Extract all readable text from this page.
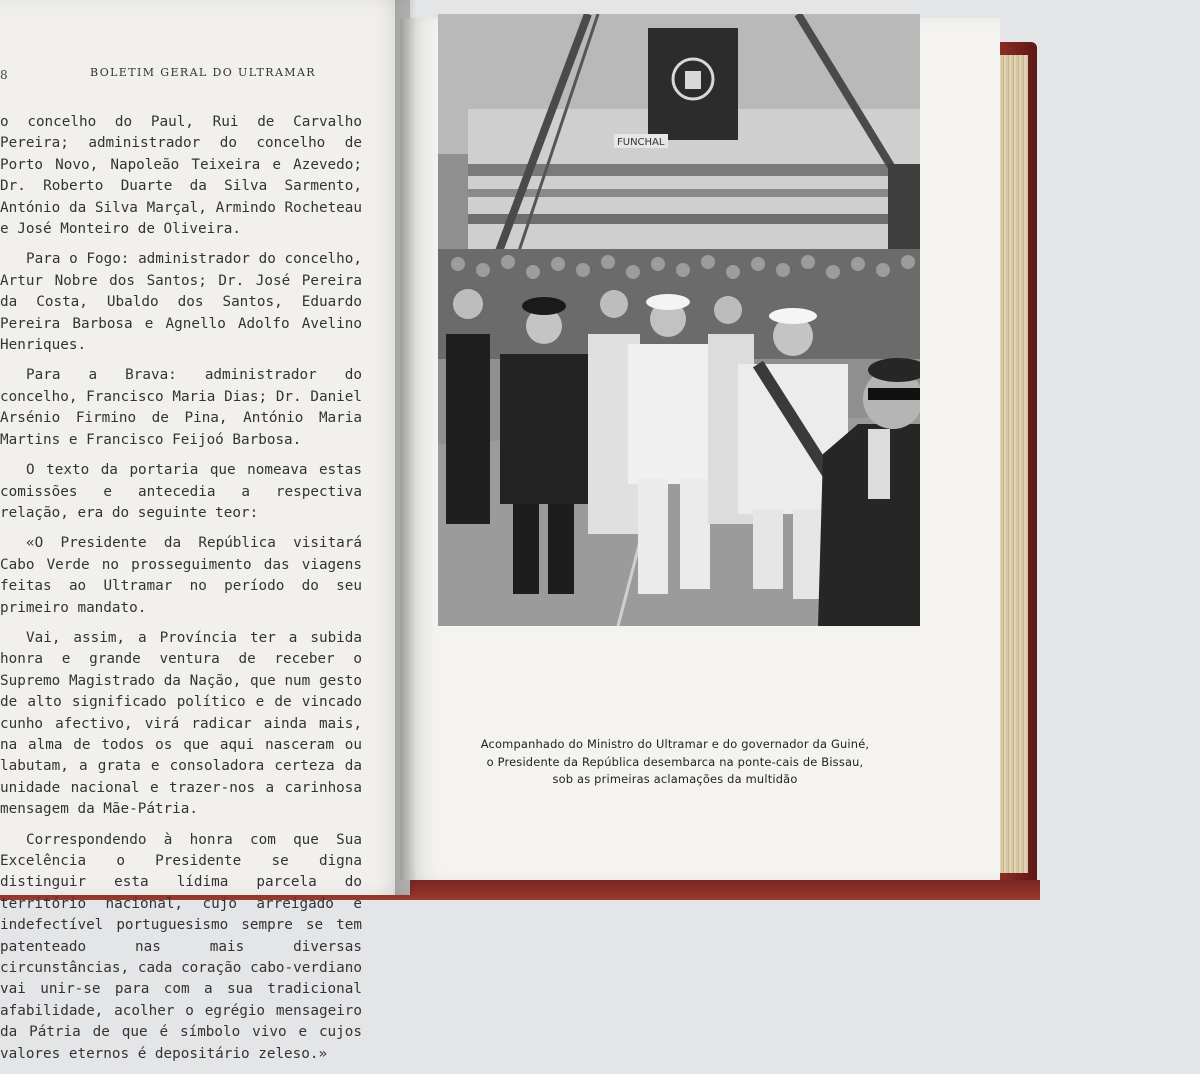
8	BOLETIM GERAL DO ULTRAMAR

o concelho do Paul, Rui de Carvalho Pereira; administrador do concelho de Porto Novo, Napoleão Teixeira e Azevedo; Dr. Roberto Duarte da Silva Sarmento, António da Silva Marçal, Armindo Rocheteau e José Monteiro de Oliveira.

Para o Fogo: administrador do concelho, Artur Nobre dos Santos; Dr. José Pereira da Costa, Ubaldo dos Santos, Eduardo Pereira Barbosa e Agnello Adolfo Avelino Henriques.

Para a Brava: administrador do concelho, Francisco Maria Dias; Dr. Daniel Arsénio Firmino de Pina, António Maria Martins e Francisco Feijoó Barbosa.

O texto da portaria que nomeava estas comissões e antecedia a respectiva relação, era do seguinte teor:

«O Presidente da República visitará Cabo Verde no prosseguimento das viagens feitas ao Ultramar no período do seu primeiro mandato.

Vai, assim, a Província ter a subida honra e grande ventura de receber o Supremo Magistrado da Nação, que num gesto de alto significado político e de vincado cunho afectivo, virá radicar ainda mais, na alma de todos os que aqui nasceram ou labutam, a grata e consoladora certeza da unidade nacional e trazer-nos a carinhosa mensagem da Mãe-Pátria.

Correspondendo à honra com que Sua Excelência o Presidente se digna distinguir esta lídima parcela do território nacional, cujo arreigado e indefectível portuguesismo sempre se tem patenteado nas mais diversas circunstâncias, cada coração cabo-verdiano vai unir-se para com a sua tradicional afabilidade, acolher o egrégio mensageiro da Pátria de que é símbolo vivo e cujos valores eternos é depositário zeleso.»

FUNCHAL
Acompanhado do Ministro do Ultramar e do governador da Guiné,
o Presidente da República desembarca na ponte-cais de Bissau,
sob as primeiras aclamações da multidão
